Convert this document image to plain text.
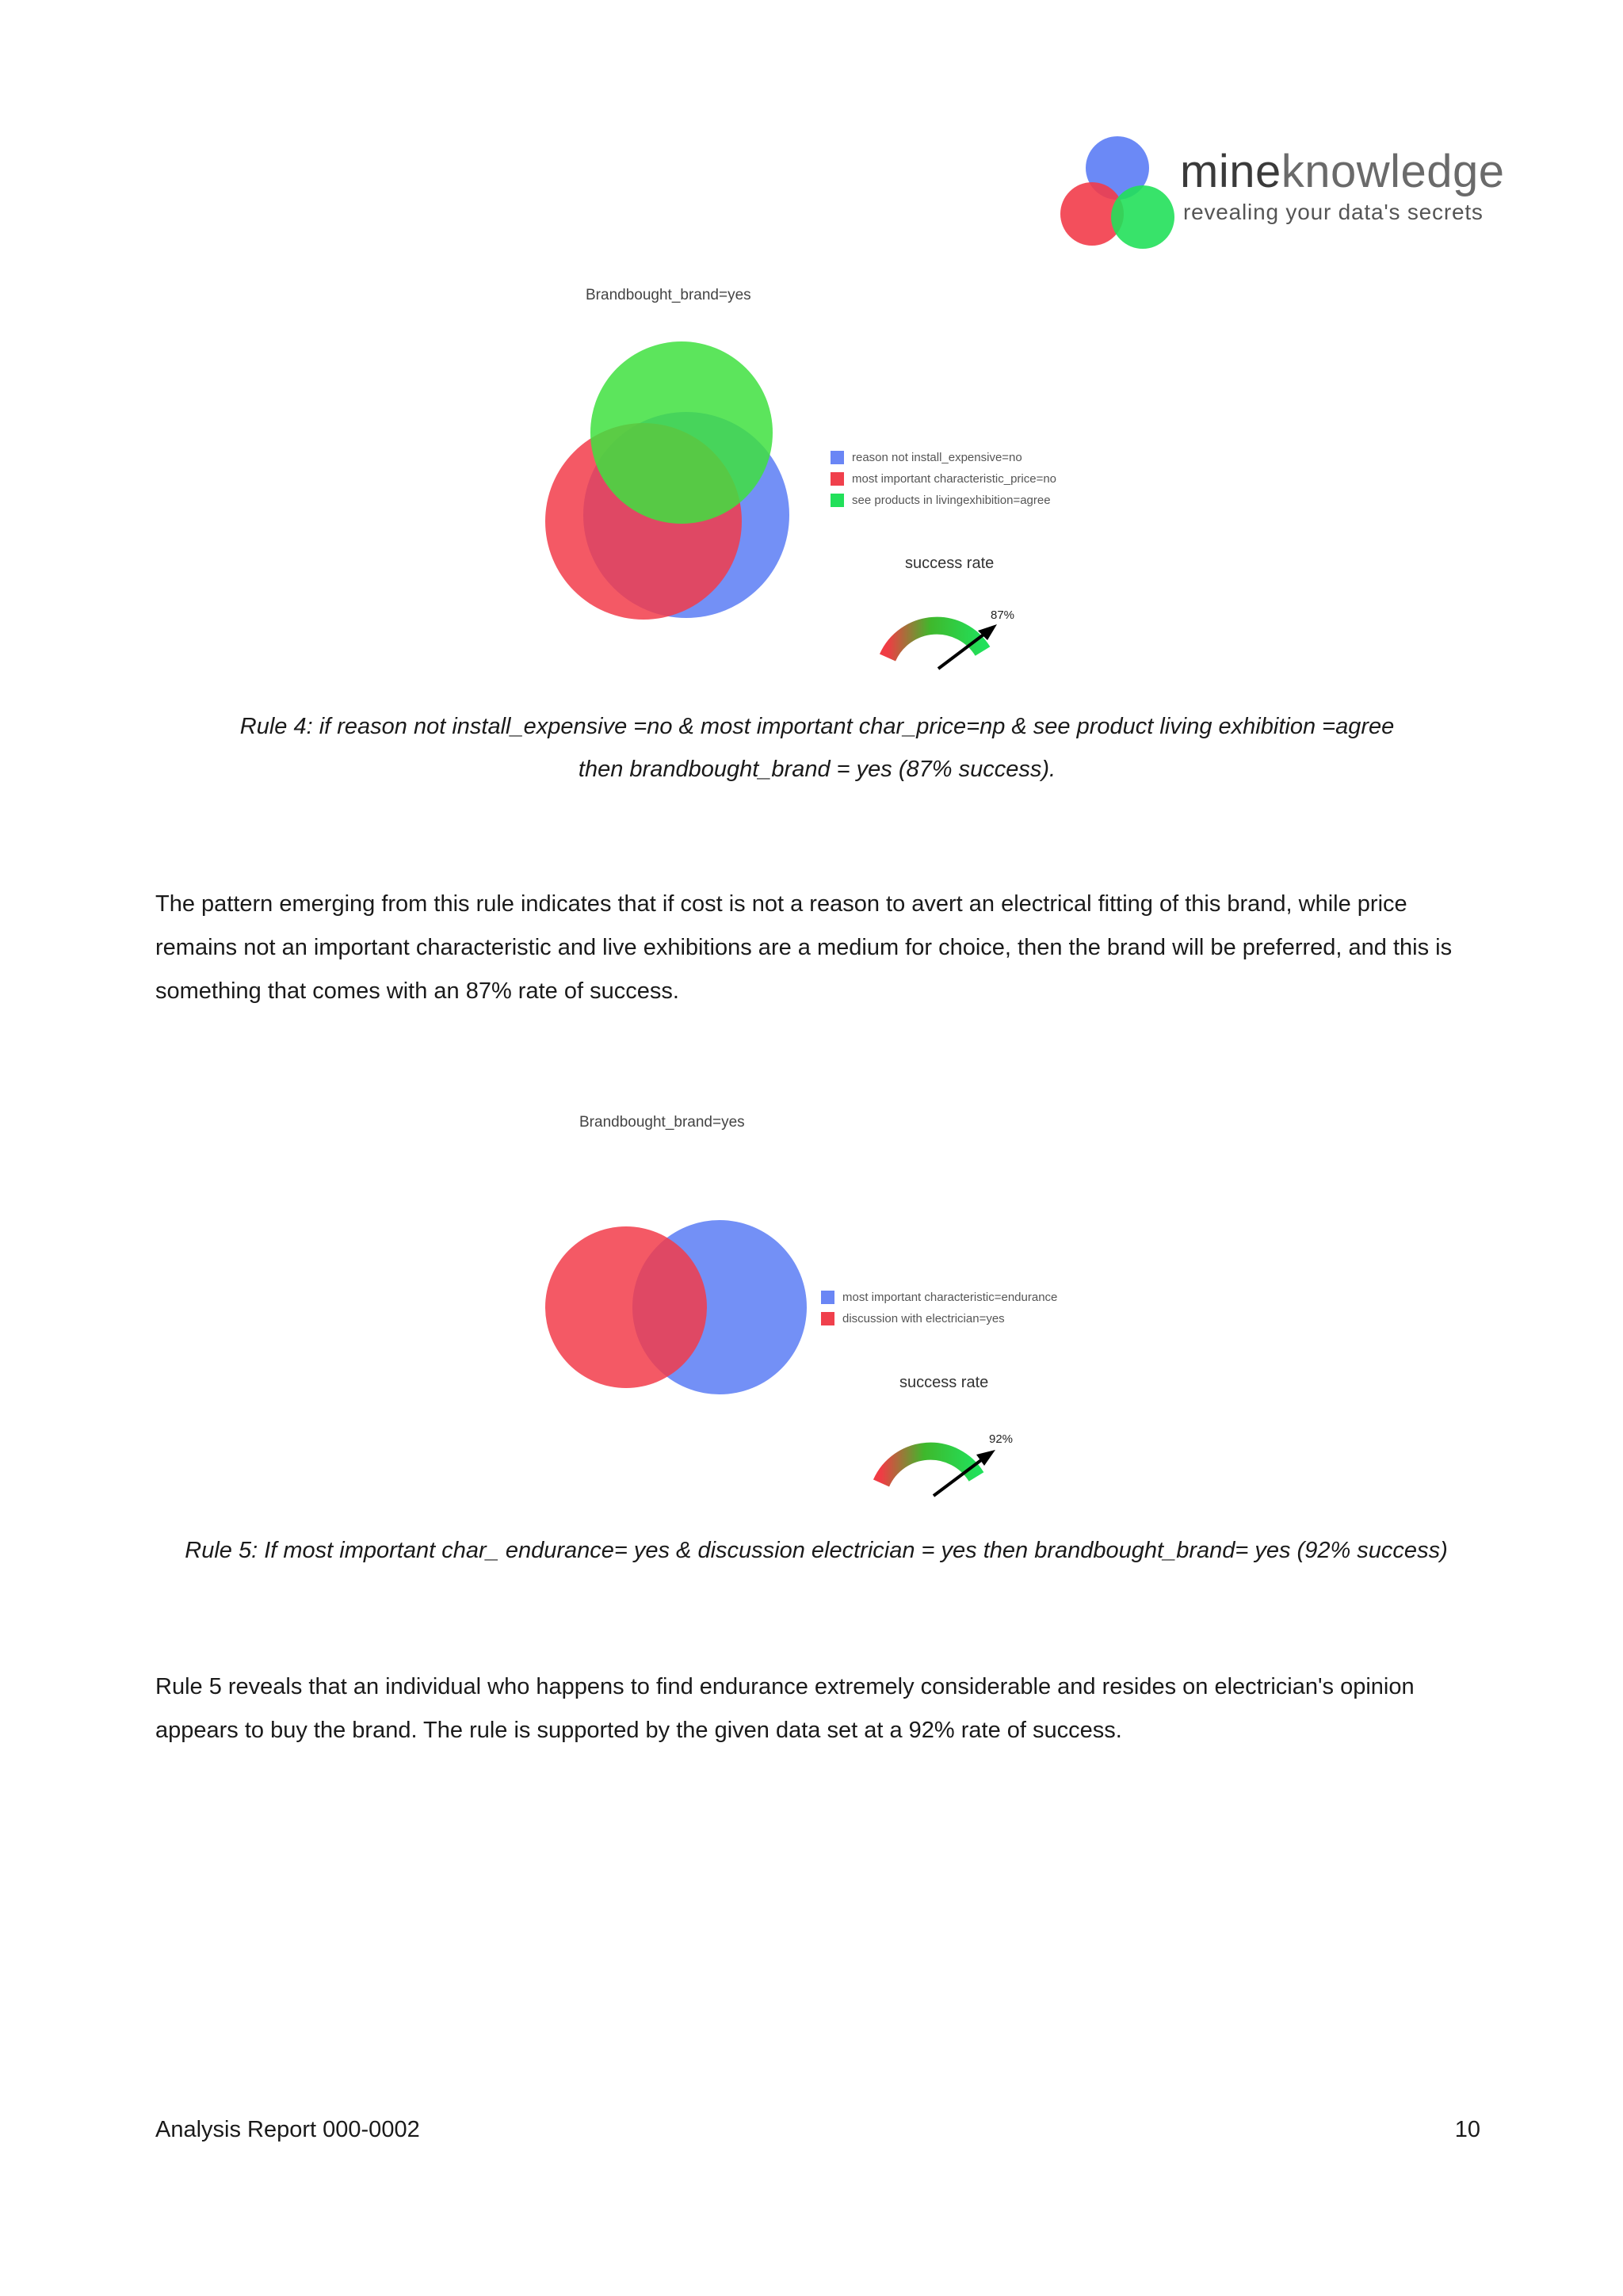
mineknowledge
revealing your data's secrets
Brandbought_brand=yes
reason not install_expensive=no
most important characteristic_price=no
see products in livingexhibition=agree
success rate
87%
Rule 4: if reason not install_expensive =no & most important char_price=np & see product living exhibition =agree
then brandbought_brand = yes (87% success).
The pattern emerging from this rule indicates that if cost is not a reason to avert an electrical fitting of this brand, while price remains not an important characteristic and live exhibitions are a medium for choice, then the brand will be preferred, and this is something that comes with an 87% rate of success.
Brandbought_brand=yes
most important characteristic=endurance
discussion with electrician=yes
success rate
92%
Rule 5: If most important char_ endurance= yes & discussion electrician = yes then brandbought_brand= yes (92% success)
Rule 5 reveals that an individual who happens to find endurance extremely considerable and resides on electrician's opinion appears to buy the brand. The rule is supported by the given data set at a 92% rate of success.
Analysis Report 000-0002	10
